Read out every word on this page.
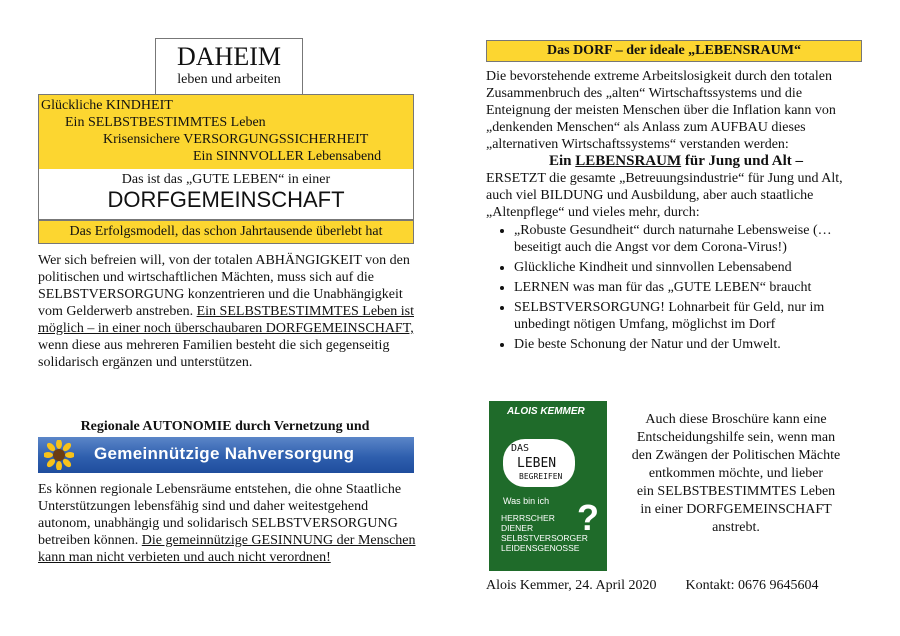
DAHEIM
leben und arbeiten
Glückliche KINDHEIT
Ein SELBSTBESTIMMTES Leben
Krisensichere VERSORGUNGSSICHERHEIT
Ein SINNVOLLER Lebensabend
Das ist das „GUTE LEBEN“ in einer
DORFGEMEINSCHAFT
Das Erfolgsmodell, das schon Jahrtausende überlebt hat
Wer sich befreien will, von der totalen ABHÄNGIGKEIT von den politischen und wirtschaftlichen Mächten, muss sich auf die SELBSTVERSORGUNG konzentrieren und die Unabhängigkeit vom Gelderwerb anstreben. Ein SELBSTBESTIMMTES Leben ist möglich – in einer noch überschaubaren DORFGEMEINSCHAFT, wenn diese aus mehreren Familien besteht die sich gegenseitig solidarisch ergänzen und unterstützen.
Regionale AUTONOMIE durch Vernetzung und
Gemeinnützige Nahversorgung
Es können regionale Lebensräume entstehen, die ohne Staatliche Unterstützungen lebensfähig sind und daher weitestgehend autonom, unabhängig und solidarisch SELBSTVERSORGUNG betreiben können. Die gemeinnützige GESINNUNG der Menschen kann man nicht verbieten und auch nicht verordnen!
Das DORF – der ideale „LEBENSRAUM“
Die bevorstehende extreme Arbeitslosigkeit durch den totalen Zusammenbruch des „alten“ Wirtschaftssystems und die Enteignung der meisten Menschen über die Inflation kann von „denkenden Menschen“ als Anlass zum AUFBAU dieses „alternativen Wirtschaftssystems“ verstanden werden:
Ein LEBENSRAUM für Jung und Alt –
ERSETZT die gesamte „Betreuungsindustrie“ für Jung und Alt, auch viel BILDUNG und Ausbildung, aber auch staatliche „Altenpflege“ und vieles mehr, durch:
• „Robuste Gesundheit“ durch naturnahe Lebensweise (…beseitigt auch die Angst vor dem Corona-Virus!)
• Glückliche Kindheit und sinnvollen Lebensabend
• LERNEN was man für das „GUTE LEBEN“ braucht
• SELBSTVERSORGUNG! Lohnarbeit für Geld, nur im unbedingt nötigen Umfang, möglichst im Dorf
• Die beste Schonung der Natur und der Umwelt.
ALOIS KEMMER
DAS
LEBEN
BEGREIFEN
Was bin ich
HERRSCHER
DIENER
SELBSTVERSORGER
LEIDENSGENOSSE
?
Auch diese Broschüre kann eine
Entscheidungshilfe sein, wenn man
den Zwängen der Politischen Mächte
entkommen möchte, und lieber
ein SELBSTBESTIMMTES Leben
in einer DORFGEMEINSCHAFT
anstrebt.
Alois Kemmer, 24. April 2020 Kontakt: 0676 9645604
